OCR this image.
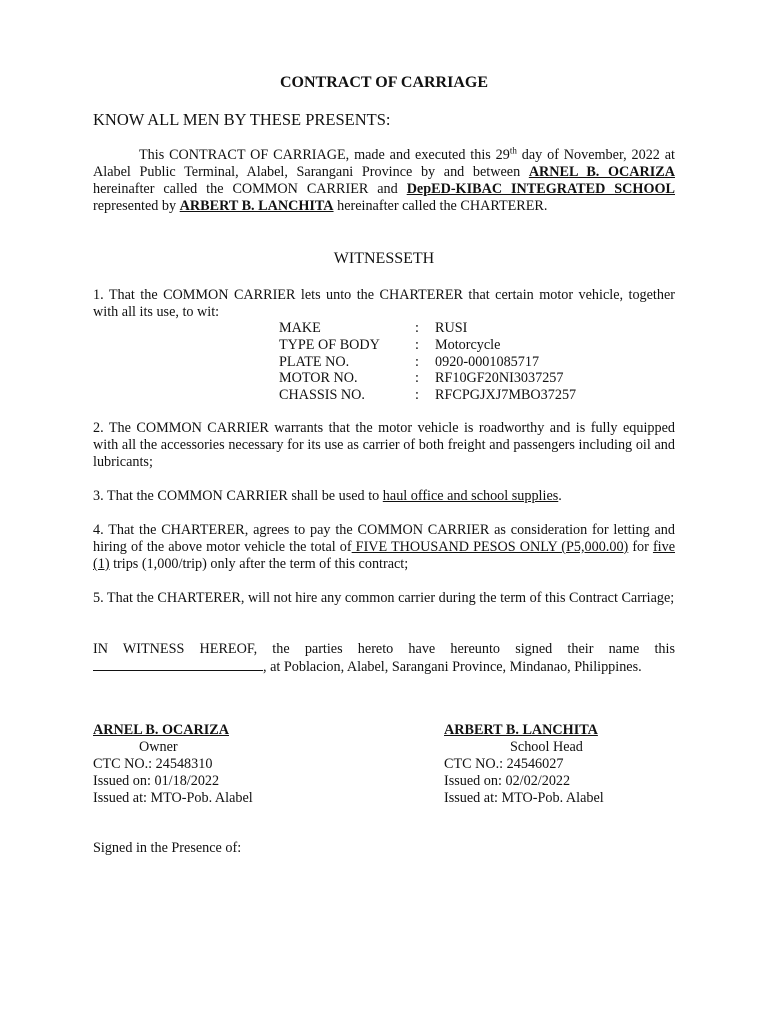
CONTRACT OF CARRIAGE
KNOW ALL MEN BY THESE PRESENTS:
This CONTRACT OF CARRIAGE, made and executed this 29th day of November, 2022 at Alabel Public Terminal, Alabel, Sarangani Province by and between ARNEL B. OCARIZA hereinafter called the COMMON CARRIER and DepED-KIBAC INTEGRATED SCHOOL represented by ARBERT B. LANCHITA hereinafter called the CHARTERER.
WITNESSETH
1. That the COMMON CARRIER lets unto the CHARTERER that certain motor vehicle, together with all its use, to wit:
MAKE	:	RUSI
TYPE OF BODY	:	Motorcycle
PLATE NO.	:	0920-0001085717
MOTOR NO.	:	RF10GF20NI3037257
CHASSIS NO.	:	RFCPGJXJ7MBO37257
2. The COMMON CARRIER warrants that the motor vehicle is roadworthy and is fully equipped with all the accessories necessary for its use as carrier of both freight and passengers including oil and lubricants;
3. That the COMMON CARRIER shall be used to haul office and school supplies.
4. That the CHARTERER, agrees to pay the COMMON CARRIER as consideration for letting and hiring of the above motor vehicle the total of FIVE THOUSAND PESOS ONLY (P5,000.00) for five (1) trips (1,000/trip) only after the term of this contract;
5. That the CHARTERER, will not hire any common carrier during the term of this Contract Carriage;
IN WITNESS HEREOF, the parties hereto have hereunto signed their name this , at Poblacion, Alabel, Sarangani Province, Mindanao, Philippines.
ARNEL B. OCARIZA
Owner
CTC NO.: 24548310
Issued on: 01/18/2022
Issued at: MTO-Pob. Alabel
ARBERT B. LANCHITA
School Head
CTC NO.: 24546027
Issued on: 02/02/2022
Issued at: MTO-Pob. Alabel
Signed in the Presence of:
